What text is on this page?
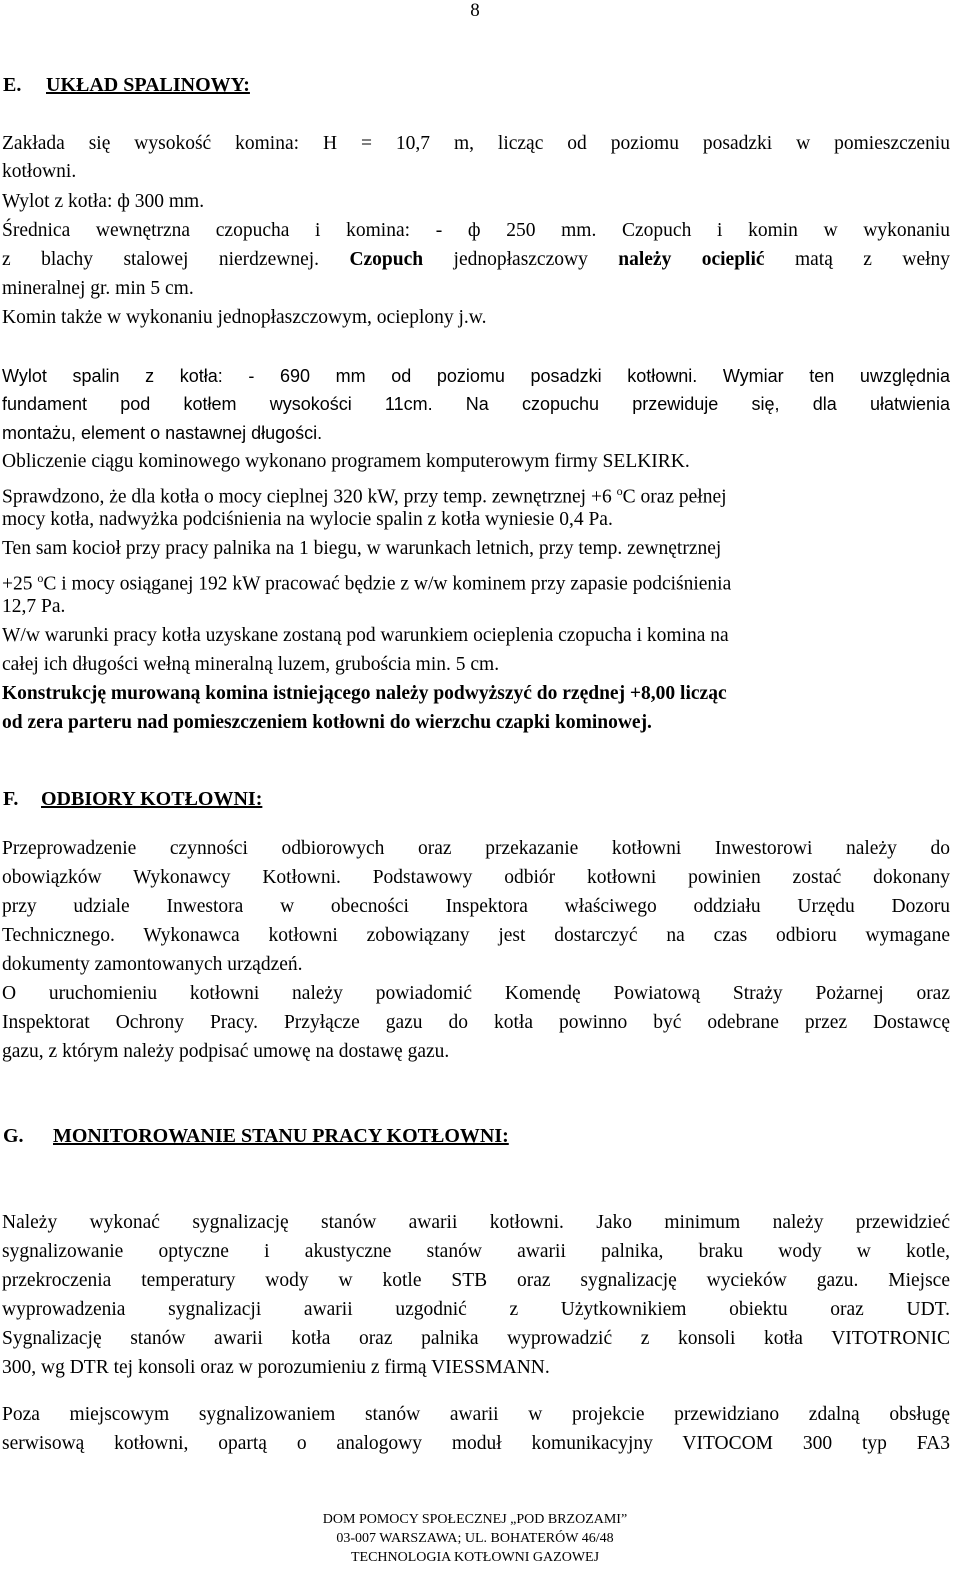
8
E. UKŁAD SPALINOWY:
Zakłada się wysokość komina: H = 10,7 m, licząc od poziomu posadzki w pomieszczeniu
kotłowni.
Wylot z kotła: ф 300 mm.
Średnica wewnętrzna czopucha i komina: - ф 250 mm. Czopuch i komin w wykonaniu
z blachy stalowej nierdzewnej. Czopuch jednopłaszczowy należy ocieplić matą z wełny
mineralnej gr. min 5 cm.
Komin także w wykonaniu jednopłaszczowym, ocieplony j.w.
Wylot spalin z kotła: - 690 mm od poziomu posadzki kotłowni. Wymiar ten uwzględnia
fundament pod kotłem wysokości 11cm. Na czopuchu przewiduje się, dla ułatwienia
montażu, element o nastawnej długości.
Obliczenie ciągu kominowego wykonano programem komputerowym firmy SELKIRK.
Sprawdzono, że dla kotła o mocy cieplnej 320 kW, przy temp. zewnętrznej +6 $^o$C oraz pełnej
mocy kotła, nadwyżka podciśnienia na wylocie spalin z kotła wyniesie 0,4 Pa.
Ten sam kocioł przy pracy palnika na 1 biegu, w warunkach letnich, przy temp. zewnętrznej
+25 $^o$C i mocy osiąganej 192 kW pracować będzie z w/w kominem przy zapasie podciśnienia
12,7 Pa.
W/w warunki pracy kotła uzyskane zostaną pod warunkiem ocieplenia czopucha i komina na
całej ich długości wełną mineralną luzem, grubościa min. 5 cm.
Konstrukcję murowaną komina istniejącego należy podwyższyć do rzędnej +8,00 licząc
od zera parteru nad pomieszczeniem kotłowni do wierzchu czapki kominowej.
F. ODBIORY KOTŁOWNI:
Przeprowadzenie czynności odbiorowych oraz przekazanie kotłowni Inwestorowi należy do
obowiązków Wykonawcy Kotłowni. Podstawowy odbiór kotłowni powinien zostać dokonany
przy udziale Inwestora w obecności Inspektora właściwego oddziału Urzędu Dozoru
Technicznego. Wykonawca kotłowni zobowiązany jest dostarczyć na czas odbioru wymagane
dokumenty zamontowanych urządzeń.
O uruchomieniu kotłowni należy powiadomić Komendę Powiatową Straży Pożarnej oraz
Inspektorat Ochrony Pracy. Przyłącze gazu do kotła powinno być odebrane przez Dostawcę
gazu, z którym należy podpisać umowę na dostawę gazu.
G. MONITOROWANIE STANU PRACY KOTŁOWNI:
Należy wykonać sygnalizację stanów awarii kotłowni. Jako minimum należy przewidzieć
sygnalizowanie optyczne i akustyczne stanów awarii palnika, braku wody w kotle,
przekroczenia temperatury wody w kotle STB oraz sygnalizację wycieków gazu. Miejsce
wyprowadzenia sygnalizacji awarii uzgodnić z Użytkownikiem obiektu oraz UDT.
Sygnalizację stanów awarii kotła oraz palnika wyprowadzić z konsoli kotła VITOTRONIC
300, wg DTR tej konsoli oraz w porozumieniu z firmą VIESSMANN.
Poza miejscowym sygnalizowaniem stanów awarii w projekcie przewidziano zdalną obsługę
serwisową kotłowni, opartą o analogowy moduł komunikacyjny VITOCOM 300 typ FA3
DOM POMOCY SPOŁECZNEJ „POD BRZOZAMI”
03-007 WARSZAWA; UL. BOHATERÓW 46/48
TECHNOLOGIA KOTŁOWNI GAZOWEJ
